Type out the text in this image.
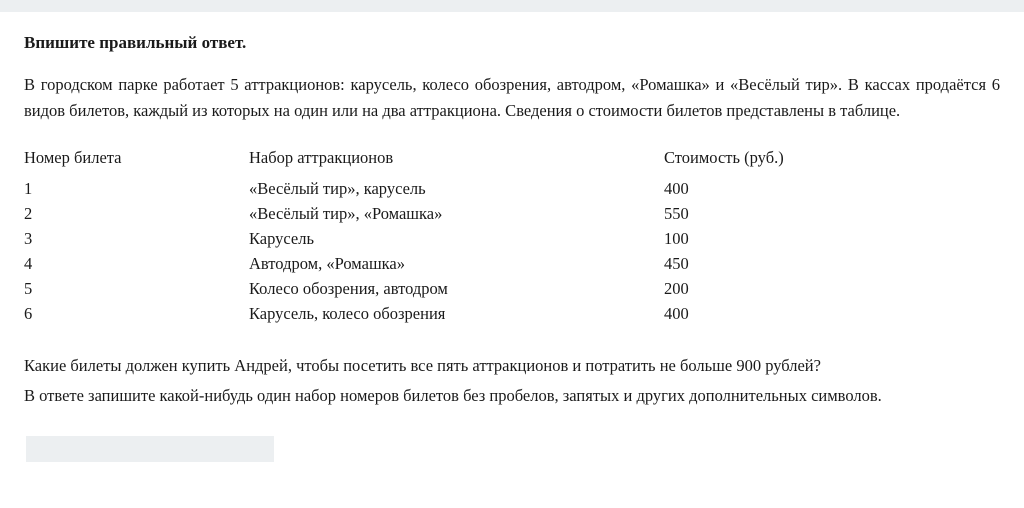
Впишите правильный ответ.

В городском парке работает 5 аттракционов: карусель, колесо обозрения, автодром, «Ромашка» и «Весёлый тир». В кассах продаётся 6 видов билетов, каждый из которых на один или на два аттракциона. Сведения о стоимости билетов представлены в таблице.

Номер билета	Набор аттракционов	Стоимость (руб.)
1	«Весёлый тир», карусель	400
2	«Весёлый тир», «Ромашка»	550
3	Карусель	100
4	Автодром, «Ромашка»	450
5	Колесо обозрения, автодром	200
6	Карусель, колесо обозрения	400

Какие билеты должен купить Андрей, чтобы посетить все пять аттракционов и потратить не больше 900 рублей?

В ответе запишите какой-нибудь один набор номеров билетов без пробелов, запятых и других дополнительных символов.
